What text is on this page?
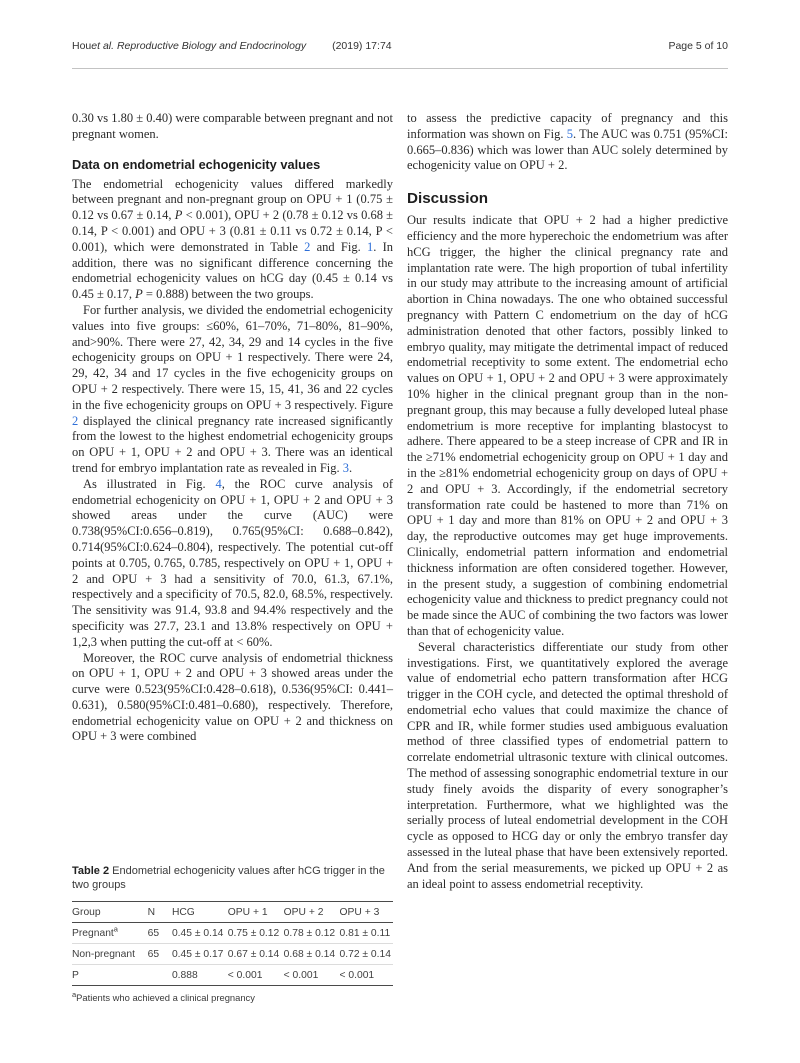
Hou et al. Reproductive Biology and Endocrinology (2019) 17:74	Page 5 of 10

0.30 vs 1.80 ± 0.40) were comparable between pregnant and not pregnant women.

Data on endometrial echogenicity values

The endometrial echogenicity values differed markedly between pregnant and non-pregnant group on OPU + 1 (0.75 ± 0.12 vs 0.67 ± 0.14, P < 0.001), OPU + 2 (0.78 ± 0.12 vs 0.68 ± 0.14, P < 0.001) and OPU + 3 (0.81 ± 0.11 vs 0.72 ± 0.14, P < 0.001), which were demonstrated in Table 2 and Fig. 1. In addition, there was no significant difference concerning the endometrial echogenicity values on hCG day (0.45 ± 0.14 vs 0.45 ± 0.17, P = 0.888) between the two groups.

For further analysis, we divided the endometrial echogenicity values into five groups: ≤60%, 61–70%, 71–80%, 81–90%, and>90%. There were 27, 42, 34, 29 and 14 cycles in the five echogenicity groups on OPU + 1 respectively. There were 24, 29, 42, 34 and 17 cycles in the five echogenicity groups on OPU + 2 respectively. There were 15, 15, 41, 36 and 22 cycles in the five echogenicity groups on OPU + 3 respectively. Figure 2 displayed the clinical pregnancy rate increased significantly from the lowest to the highest endometrial echogenicity groups on OPU + 1, OPU + 2 and OPU + 3. There was an identical trend for embryo implantation rate as revealed in Fig. 3.

As illustrated in Fig. 4, the ROC curve analysis of endometrial echogenicity on OPU + 1, OPU + 2 and OPU + 3 showed areas under the curve (AUC) were 0.738(95%CI:0.656–0.819), 0.765(95%CI: 0.688–0.842), 0.714(95%CI:0.624–0.804), respectively. The potential cut-off points at 0.705, 0.765, 0.785, respectively on OPU + 1, OPU + 2 and OPU + 3 had a sensitivity of 70.0, 61.3, 67.1%, respectively and a specificity of 70.5, 82.0, 68.5%, respectively. The sensitivity was 91.4, 93.8 and 94.4% respectively and the specificity was 27.7, 23.1 and 13.8% respectively on OPU + 1,2,3 when putting the cut-off at < 60%.

Moreover, the ROC curve analysis of endometrial thickness on OPU + 1, OPU + 2 and OPU + 3 showed areas under the curve were 0.523(95%CI:0.428–0.618), 0.536(95%CI: 0.441–0.631), 0.580(95%CI:0.481–0.680), respectively. Therefore, endometrial echogenicity value on OPU + 2 and thickness on OPU + 3 were combined

Table 2 Endometrial echogenicity values after hCG trigger in the two groups
Group	N	HCG	OPU + 1	OPU + 2	OPU + 3
Pregnant$^a$	65	0.45 ± 0.14	0.75 ± 0.12	0.78 ± 0.12	0.81 ± 0.11
Non-pregnant	65	0.45 ± 0.17	0.67 ± 0.14	0.68 ± 0.14	0.72 ± 0.14
P		0.888	< 0.001	< 0.001	< 0.001
$^a$Patients who achieved a clinical pregnancy

to assess the predictive capacity of pregnancy and this information was shown on Fig. 5. The AUC was 0.751 (95%CI: 0.665–0.836) which was lower than AUC solely determined by echogenicity value on OPU + 2.

Discussion

Our results indicate that OPU + 2 had a higher predictive efficiency and the more hyperechoic the endometrium was after hCG trigger, the higher the clinical pregnancy rate and implantation rate were. The high proportion of tubal infertility in our study may attribute to the increasing amount of artificial abortion in China nowadays. The one who obtained successful pregnancy with Pattern C endometrium on the day of hCG administration denoted that other factors, possibly linked to embryo quality, may mitigate the detrimental impact of reduced endometrial receptivity to some extent. The endometrial echo values on OPU + 1, OPU + 2 and OPU + 3 were approximately 10% higher in the clinical pregnant group than in the non-pregnant group, this may because a fully developed luteal phase endometrium is more receptive for implanting blastocyst to adhere. There appeared to be a steep increase of CPR and IR in the ≥71% endometrial echogenicity group on OPU + 1 day and in the ≥81% endometrial echogenicity group on days of OPU + 2 and OPU + 3. Accordingly, if the endometrial secretory transformation rate could be hastened to more than 71% on OPU + 1 day and more than 81% on OPU + 2 and OPU + 3 day, the reproductive outcomes may get huge improvements. Clinically, endometrial pattern information and endometrial thickness information are often considered together. However, in the present study, a suggestion of combining endometrial echogenicity value and thickness to predict pregnancy could not be made since the AUC of combining the two factors was lower than that of echogenicity value.

Several characteristics differentiate our study from other investigations. First, we quantitatively explored the average value of endometrial echo pattern transformation after HCG trigger in the COH cycle, and detected the optimal threshold of endometrial echo values that could maximize the chance of CPR and IR, while former studies used ambiguous evaluation method of three classified types of endometrial pattern to correlate endometrial ultrasonic texture with clinical outcomes. The method of assessing sonographic endometrial texture in our study finely avoids the disparity of every sonographer’s interpretation. Furthermore, what we highlighted was the serially process of luteal endometrial development in the COH cycle as opposed to HCG day or only the embryo transfer day assessed in the luteal phase that have been extensively reported. And from the serial measurements, we picked up OPU + 2 as an ideal point to assess endometrial receptivity.
